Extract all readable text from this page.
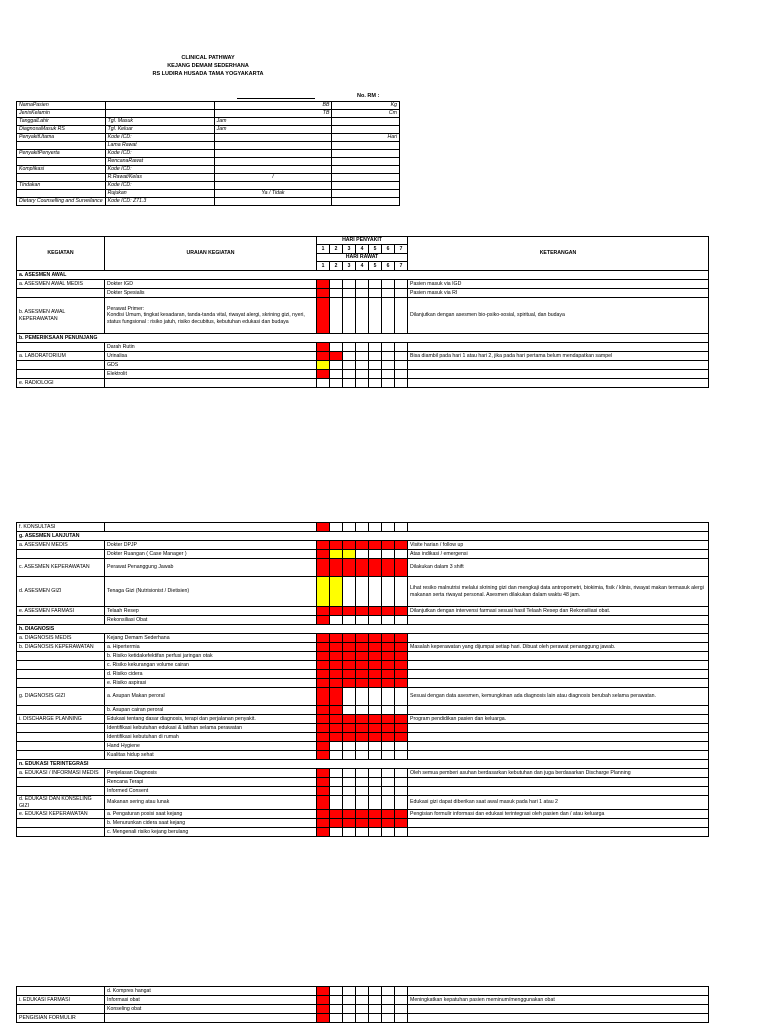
CLINICAL PATHWAY
KEJANG DEMAM SEDERHANA
RS LUDIRA HUSADA TAMA YOGYAKARTA
No. RM :
NamaPasien		BB	Kg
JenisKelamin		TB	Cm
TanggalLahir	Tgl. Masuk	Jam	
DiagnosaMasuk RS	Tgl. Keluar	Jam	
PenyakitUtama	Kode ICD:		Hari
	Lama Rawat		
PenyakitPenyerta	Kode ICD:		
	RencanaRawat		
Komplikasi	Kode ICD:		
	R.Rawat/Kelas	/	
Tindakan	Kode ICD:		
	Rujukan	Ya / Tidak	
Dietary Counselling and Surveilance	Kode ICD: Z71.3		
KEGIATAN	URAIAN KEGIATAN	HARI PENYAKIT							KETERANGAN
		1	2	3	4	5	6	7	
		HARI RAWAT							
		1	2	3	4	5	6	7	
a. ASESMEN AWAL									
a. ASESMEN AWAL MEDIS	Dokter IGD								Pasien masuk via IGD
	Dokter Spesialis								Pasien masuk via RI
b. ASESMEN AWAL KEPERAWATAN	Perawat Primer:
Kondisi Umum, tingkat kesadaran, tanda-tanda vital, riwayat alergi, skrining gizi, nyeri, status fungsional : risiko jatuh, risiko decubitus, kebutuhan edukasi dan budaya								Dilanjutkan dengan asesmen bio-psiko-sosial, spiritual, dan budaya
b. PEMERIKSAAN PENUNJANG									
	Darah Rutin								
a. LABORATORIUM	Urinalisa								Bisa diambil pada hari 1 atau hari 2, jika pada hari pertama belum mendapatkan sampel
	GDS								
	Elektrolit								
e. RADIOLOGI									
f. KONSULTASI									
g. ASESMEN LANJUTAN									
a. ASESMEN MEDIS	Dokter DPJP								Visite harian / follow up
	Dokter Ruangan ( Case Manager )								Atas indikasi / emergensi
c. ASESMEN KEPERAWATAN	Perawat Penanggung Jawab								Dilakukan dalam 3 shift
d. ASESMEN GIZI	Tenaga Gizi (Nutrisionist / Dietisien)								Lihat resiko malnutrisi melalui skrining gizi dan mengkaji data antropometri, biokimia, fisik / klinis, riwayat makan termasuk alergi makanan serta riwayat personal. Asesmen dilakukan dalam waktu 48 jam.
e. ASESMEN FARMASI	Telaah Resep								Dilanjutkan dengan intervensi farmasi sesuai hasil Telaah Resep dan Rekonsiliasi obat.
	Rekonsiliasi Obat								
h. DIAGNOSIS									
a. DIAGNOSIS MEDIS	Kejang Demam Sederhana								
b. DIAGNOSIS KEPERAWATAN	a. Hipertermia								Masalah keperawatan yang dijumpai setiap hari. Dibuat oleh perawat penanggung jawab.
	b. Risiko ketidakefektifan perfusi jaringan otak								
	c. Risiko kekurangan volume cairan								
	d. Risiko cidera								
	e. Risiko aspirasi								
g. DIAGNOSIS GIZI	a. Asupan Makan peroral								Sesuai dengan data asesmen, kemungkinan ada diagnosis lain atau diagnosis berubah selama perawatan.
	b. Asupan cairan peroral								
i. DISCHARGE PLANNING	Edukasi tentang dasar diagnosis, terapi dan perjalanan penyakit.								Program pendidikan pasien dan keluarga.
	Identifikasi kebutuhan edukasi & latihan selama perawatan								
	Identifikasi kebutuhan di rumah								
	Hand Hygiene								
	Kualitas hidup sehat								
n. EDUKASI TERINTEGRASI									
a. EDUKASI / INFORMASI MEDIS	Penjelasan Diagnosis								Oleh semua pemberi asuhan berdasarkan kebutuhan dan juga berdasarkan Discharge Planning
	Rencana Terapi								
	Informed Consent								
d. EDUKASI DAN KONSELING GIZI	Makanan sering atau lunak								Edukasi gizi dapat diberikan saat awal masuk pada hari 1 atau 2
e. EDUKASI KEPERAWATAN	a. Pengaturan posisi saat kejang								Pengisian formulir informasi dan edukasi terintegrasi oleh pasien dan / atau keluarga
	b. Menurunkan cidera saat kejang								
	c. Mengenali risiko kejang berulang								
	d. Kompres hangat								
i. EDUKASI FARMASI	Informasi obat								Meningkatkan kepatuhan pasien meminum/menggunakan obat
	Konseling obat								
PENGISIAN FORMULIR									
